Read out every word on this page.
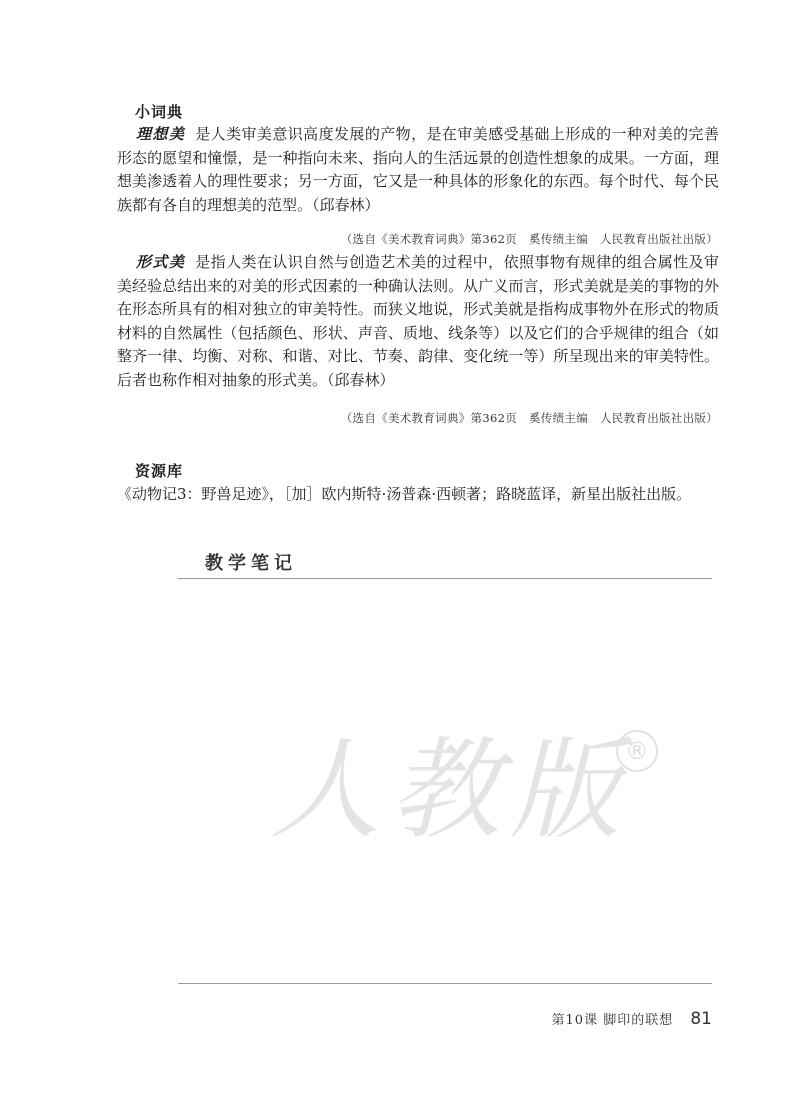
小词典
理想美 是人类审美意识高度发展的产物，是在审美感受基础上形成的一种对美的完善形态的愿望和憧憬，是一种指向未来、指向人的生活远景的创造性想象的成果。一方面，理想美渗透着人的理性要求；另一方面，它又是一种具体的形象化的东西。每个时代、每个民族都有各自的理想美的范型。（邱春林）
（选自《美术教育词典》第362页 奚传绩主编 人民教育出版社出版）
形式美 是指人类在认识自然与创造艺术美的过程中，依照事物有规律的组合属性及审美经验总结出来的对美的形式因素的一种确认法则。从广义而言，形式美就是美的事物的外在形态所具有的相对独立的审美特性。而狭义地说，形式美就是指构成事物外在形式的物质材料的自然属性（包括颜色、形状、声音、质地、线条等）以及它们的合乎规律的组合（如整齐一律、均衡、对称、和谐、对比、节奏、韵律、变化统一等）所呈现出来的审美特性。后者也称作相对抽象的形式美。（邱春林）
（选自《美术教育词典》第362页 奚传绩主编 人民教育出版社出版）
资源库
《动物记3：野兽足迹》，［加］欧内斯特·汤普森·西顿著；路晓蓝译，新星出版社出版。
教学笔记
人教版
®
第10课 脚印的联想 81
